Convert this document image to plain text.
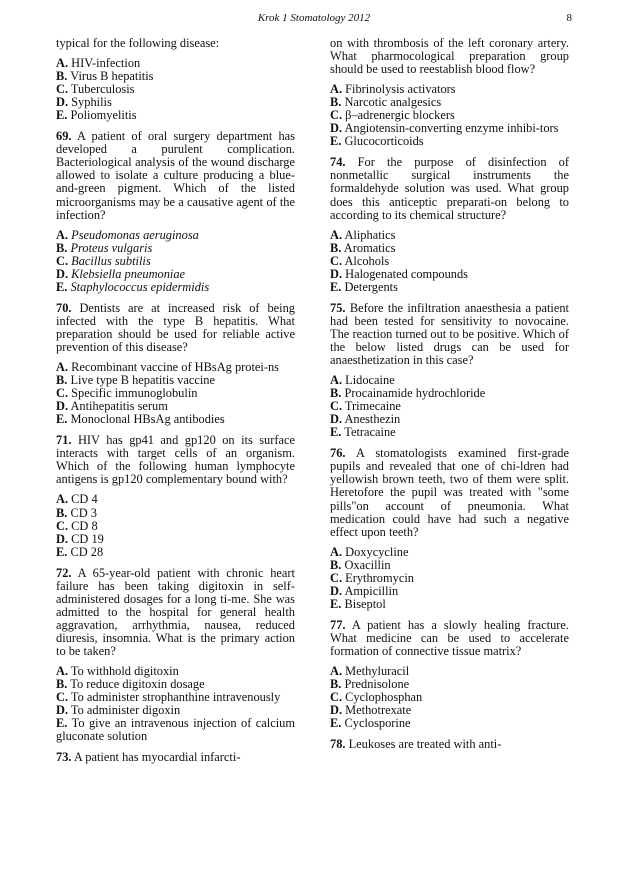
Krok 1 Stomatology 2012	8

typical for the following disease:

A. HIV-infection

B. Virus B hepatitis

C. Tuberculosis

D. Syphilis

E. Poliomyelitis

69. A patient of oral surgery department has developed a purulent complication. Bacteriological analysis of the wound discharge allowed to isolate a culture producing a blue-and-green pigment. Which of the listed microorganisms may be a causative agent of the infection?

A. Pseudomonas aeruginosa

B. Proteus vulgaris

C. Bacillus subtilis

D. Klebsiella pneumoniae

E. Staphylococcus epidermidis

70. Dentists are at increased risk of being infected with the type B hepatitis. What preparation should be used for reliable active prevention of this disease?

A. Recombinant vaccine of HBsAg protei-ns

B. Live type B hepatitis vaccine

C. Specific immunoglobulin

D. Antihepatitis serum

E. Monoclonal HBsAg antibodies

71. HIV has gp41 and gp120 on its surface interacts with target cells of an organism. Which of the following human lymphocyte antigens is gp120 complementary bound with?

A. CD 4

B. CD 3

C. CD 8

D. CD 19

E. CD 28

72. A 65-year-old patient with chronic heart failure has been taking digitoxin in self-administered dosages for a long ti-me. She was admitted to the hospital for general health aggravation, arrhythmia, nausea, reduced diuresis, insomnia. What is the primary action to be taken?

A. To withhold digitoxin

B. To reduce digitoxin dosage

C. To administer strophanthine intravenously

D. To administer digoxin

E. To give an intravenous injection of calcium gluconate solution

73. A patient has myocardial infarcti-

on with thrombosis of the left coronary artery. What pharmocological preparation group should be used to reestablish blood flow?

A. Fibrinolysis activators

B. Narcotic analgesics

C. β–adrenergic blockers

D. Angiotensin-converting enzyme inhibi-tors

E. Glucocorticoids

74. For the purpose of disinfection of nonmetallic surgical instruments the formaldehyde solution was used. What group does this anticeptic preparati-on belong to according to its chemical structure?

A. Aliphatics

B. Aromatics

C. Alcohols

D. Halogenated compounds

E. Detergents

75. Before the infiltration anaesthesia a patient had been tested for sensitivity to novocaine. The reaction turned out to be positive. Which of the below listed drugs can be used for anaesthetization in this case?

A. Lidocaine

B. Procainamide hydrochloride

C. Trimecaine

D. Anesthezin

E. Tetracaine

76. A stomatologists examined first-grade pupils and revealed that one of chi-ldren had yellowish brown teeth, two of them were split. Heretofore the pupil was treated with "some pills"on account of pneumonia. What medication could have had such a negative effect upon teeth?

A. Doxycycline

B. Oxacillin

C. Erythromycin

D. Ampicillin

E. Biseptol

77. A patient has a slowly healing fracture. What medicine can be used to accelerate formation of connective tissue matrix?

A. Methyluracil

B. Prednisolone

C. Cyclophosphan

D. Methotrexate

E. Cyclosporine

78. Leukoses are treated with anti-
